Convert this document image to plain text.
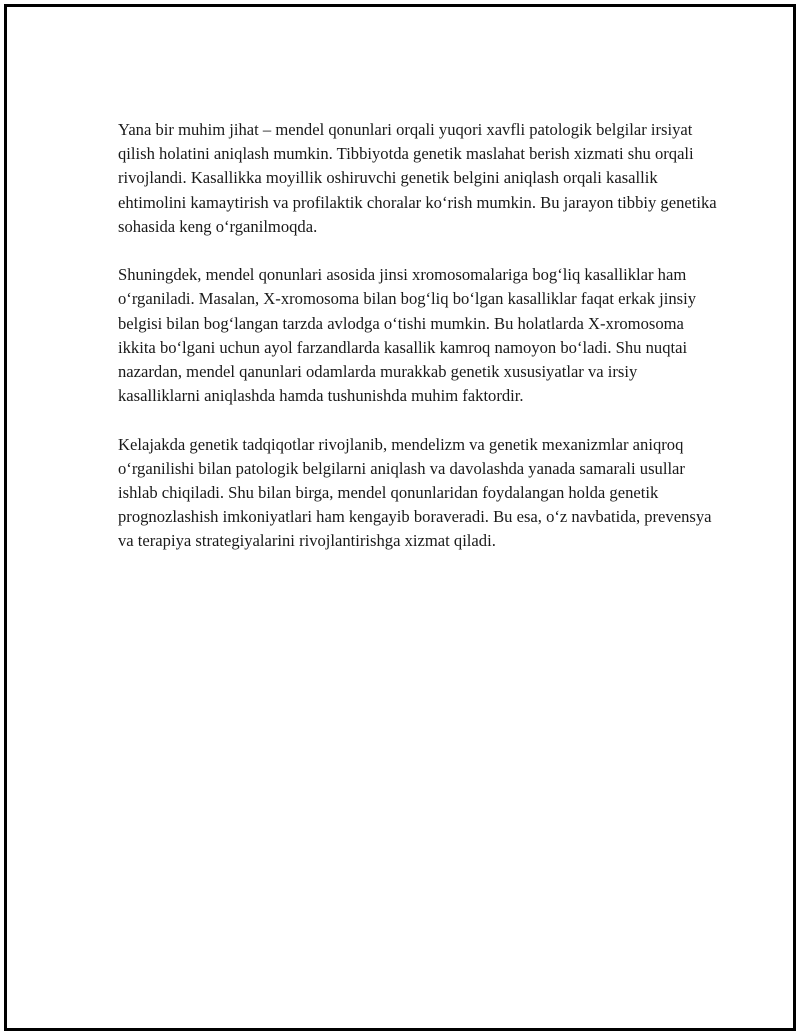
Yana bir muhim jihat – mendel qonunlari orqali yuqori xavfli patologik belgilar irsiyat qilish holatini aniqlash mumkin. Tibbiyotda genetik maslahat berish xizmati shu orqali rivojlandi. Kasallikka moyillik oshiruvchi genetik belgini aniqlash orqali kasallik ehtimolini kamaytirish va profilaktik choralar ko‘rish mumkin. Bu jarayon tibbiy genetika sohasida keng o‘rganilmoqda.

Shuningdek, mendel qonunlari asosida jinsi xromosomalariga bog‘liq kasalliklar ham o‘rganiladi. Masalan, X-xromosoma bilan bog‘liq bo‘lgan kasalliklar faqat erkak jinsiy belgisi bilan bog‘langan tarzda avlodga o‘tishi mumkin. Bu holatlarda X-xromosoma ikkita bo‘lgani uchun ayol farzandlarda kasallik kamroq namoyon bo‘ladi. Shu nuqtai nazardan, mendel qanunlari odamlarda murakkab genetik xususiyatlar va irsiy kasalliklarni aniqlashda hamda tushunishda muhim faktordir.

Kelajakda genetik tadqiqotlar rivojlanib, mendelizm va genetik mexanizmlar aniqroq o‘rganilishi bilan patologik belgilarni aniqlash va davolashda yanada samarali usullar ishlab chiqiladi. Shu bilan birga, mendel qonunlaridan foydalangan holda genetik prognozlashish imkoniyatlari ham kengayib boraveradi. Bu esa, o‘z navbatida, prevensya va terapiya strategiyalarini rivojlantirishga xizmat qiladi.
